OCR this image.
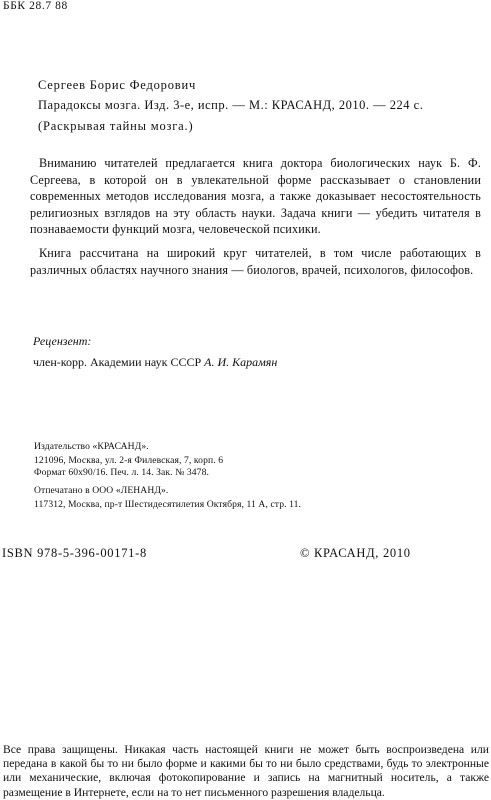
ББК 28.7 88
Сергеев Борис Федорович
Парадоксы мозга. Изд. 3-е, испр. — М.: КРАСАНД, 2010. — 224 с.
(Раскрывая тайны мозга.)
Вниманию читателей предлагается книга доктора биологических наук Б. Ф. Сергеева, в которой он в увлекательной форме рассказывает о становлении современных методов исследования мозга, а также доказывает несостоятельность религиозных взглядов на эту область науки. Задача книги — убедить читателя в познаваемости функций мозга, человеческой психики.
Книга рассчитана на широкий круг читателей, в том числе работающих в различных областях научного знания — биологов, врачей, психологов, философов.
Рецензент:
член-корр. Академии наук СССР А. И. Карамян
Издательство «КРАСАНД».
121096, Москва, ул. 2-я Филевская, 7, корп. 6
Формат 60x90/16. Печ. л. 14. Зак. № 3478.
Отпечатано в ООО «ЛЕНАНД».
117312, Москва, пр-т Шестидесятилетия Октября, 11 А, стр. 11.
ISBN 978-5-396-00171-8	© КРАСАНД, 2010
Все права защищены. Никакая часть настоящей книги не может быть воспроизведена или передана в какой бы то ни было форме и какими бы то ни было средствами, будь то электронные или механические, включая фотокопирование и запись на магнитный носитель, а также размещение в Интернете, если на то нет письменного разрешения владельца.
